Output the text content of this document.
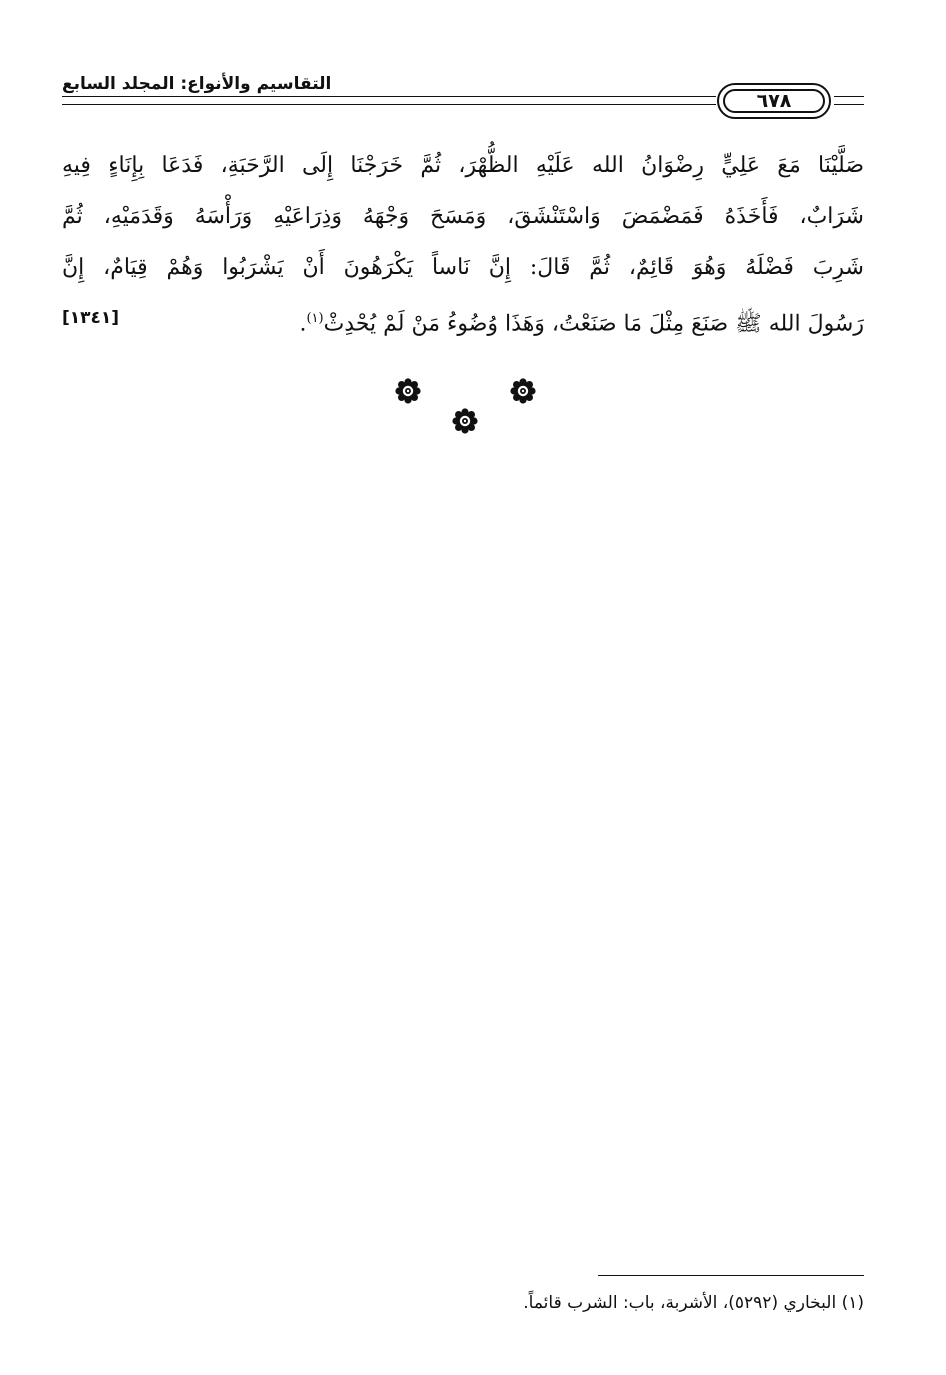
التقاسيم والأنواع: المجلد السابع
٦٧٨
صَلَّيْنَا مَعَ عَلِيٍّ رِضْوَانُ الله عَلَيْهِ الظُّهْرَ، ثُمَّ خَرَجْنَا إِلَى الرَّحَبَةِ، فَدَعَا بِإِنَاءٍ فِيهِ
شَرَابٌ، فَأَخَذَهُ فَمَضْمَضَ وَاسْتَنْشَقَ، وَمَسَحَ وَجْهَهُ وَذِرَاعَيْهِ وَرَأْسَهُ وَقَدَمَيْهِ، ثُمَّ
شَرِبَ فَضْلَهُ وَهُوَ قَائِمٌ، ثُمَّ قَالَ: إِنَّ نَاساً يَكْرَهُونَ أَنْ يَشْرَبُوا وَهُمْ قِيَامٌ، إِنَّ
رَسُولَ الله ﷺ صَنَعَ مِثْلَ مَا صَنَعْتُ، وَهَذَا وُضُوءُ مَنْ لَمْ يُحْدِثْ$^{(١)}$.
[١٣٤١]
(١) البخاري (٥٢٩٢)، الأشربة، باب: الشرب قائماً.
